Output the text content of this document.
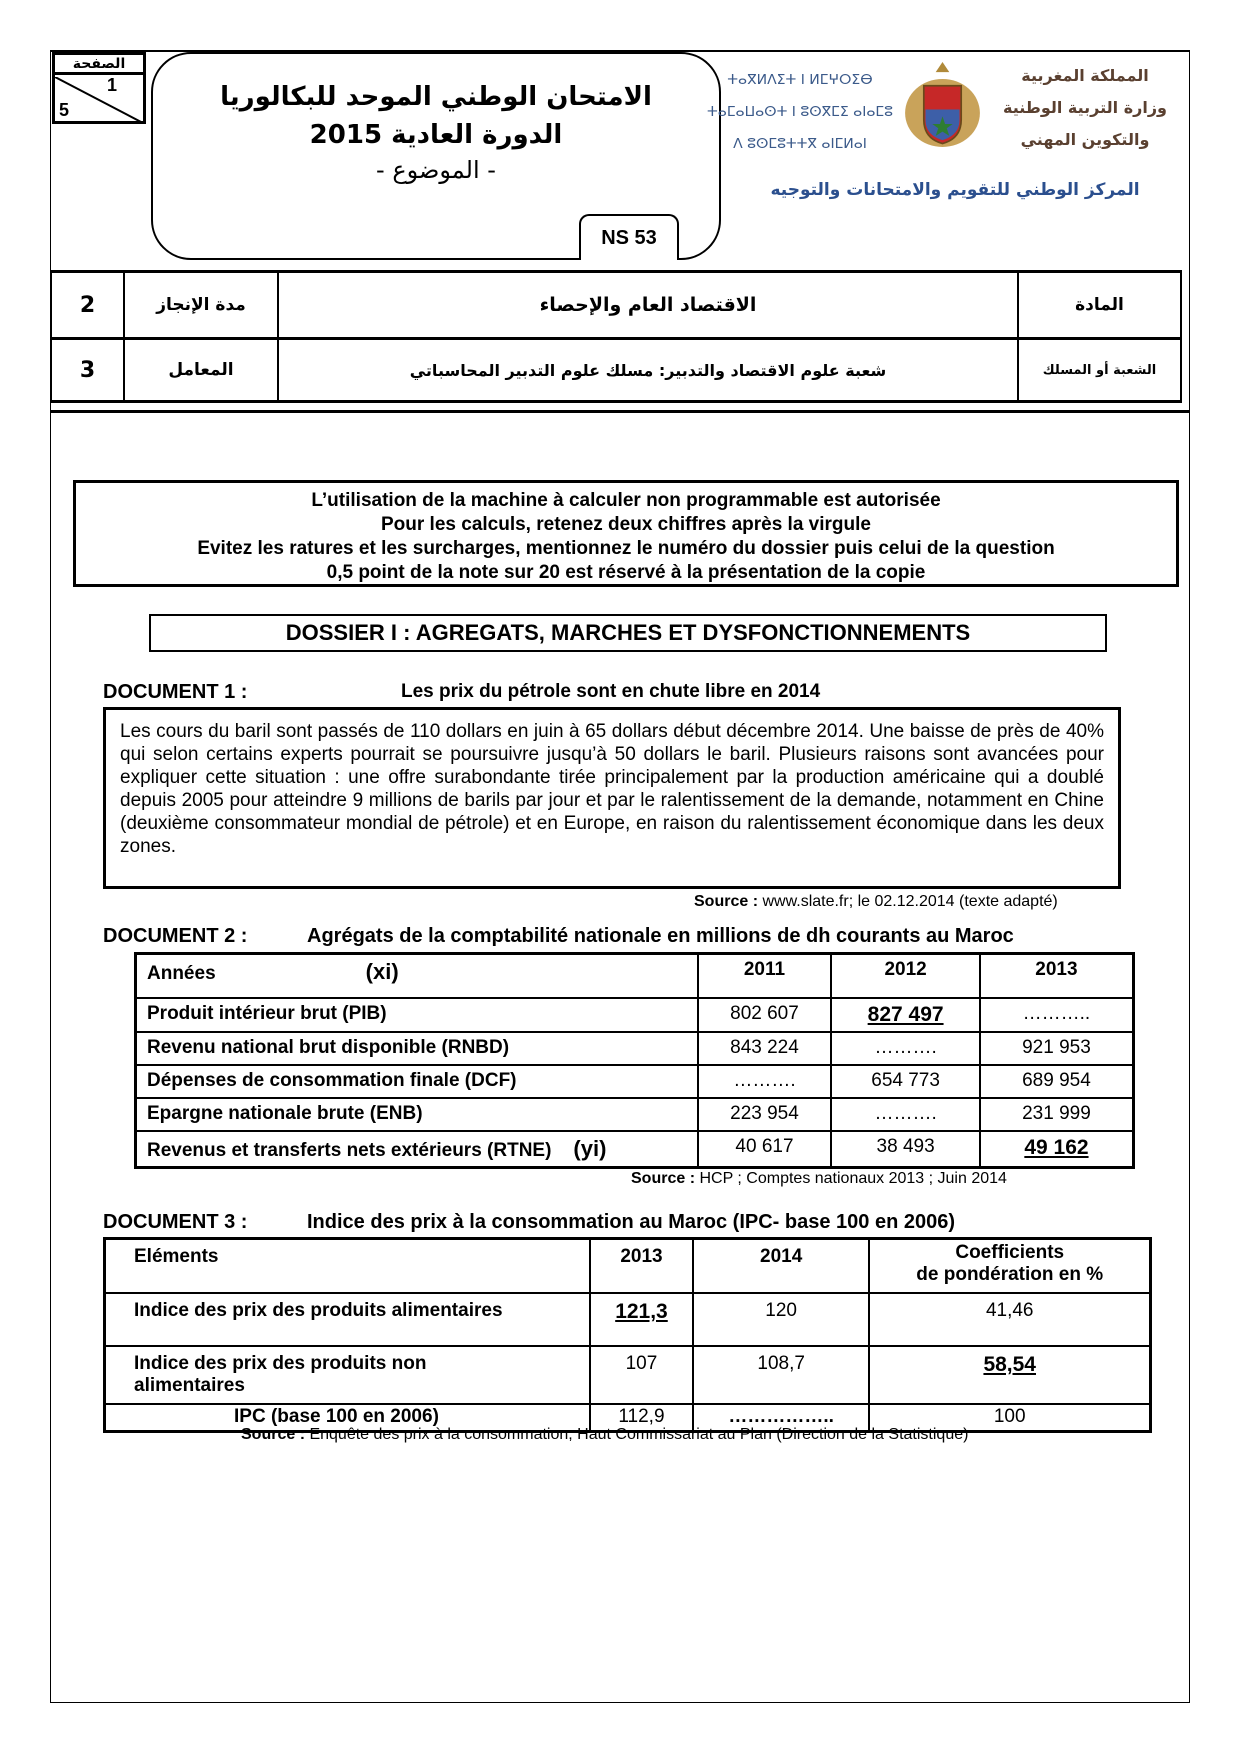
الصفحة
1
5	الامتحان الوطني الموحد للبكالوريا
الدورة العادية 2015
- الموضوع -
NS 53
ⵜⴰⴳⵍⴷⵉⵜ ⵏ ⵍⵎⵖⵔⵉⴱ
ⵜⴰⵎⴰⵡⴰⵙⵜ ⵏ ⵓⵙⴳⵎⵉ ⴰⵏⴰⵎⵓ
ⴷ ⵓⵙⵎⵓⵜⵜⴳ ⴰⵏⵎⵍⴰⵏ
المملكة المغربية
وزارة التربية الوطنية
والتكوين المهني
المركز الوطني للتقويم والامتحانات والتوجيه
2	مدة الإنجاز	الاقتصاد العام والإحصاء	المادة
3	المعامل	شعبة علوم الاقتصاد والتدبير: مسلك علوم التدبير المحاسباتي	الشعبة أو المسلك
L’utilisation de la machine à calculer non programmable est autorisée
Pour les calculs, retenez deux chiffres après la virgule
Evitez les ratures et les surcharges, mentionnez le numéro du dossier puis celui de la question
0,5 point de la note sur 20 est réservé à la présentation de la copie
DOSSIER I : AGREGATS, MARCHES ET DYSFONCTIONNEMENTS
DOCUMENT 1 :	Les prix du pétrole sont en chute libre en 2014

Les cours du baril sont passés de 110 dollars en juin à 65 dollars début décembre 2014. Une baisse de près de 40% qui selon certains experts pourrait se poursuivre jusqu’à 50 dollars le baril. Plusieurs raisons sont avancées pour expliquer cette situation : une offre surabondante tirée principalement par la production américaine qui a doublé depuis 2005 pour atteindre 9 millions de barils par jour et par le ralentissement de la demande, notamment en Chine (deuxième consommateur mondial de pétrole) et en Europe, en raison du ralentissement économique dans les deux zones.

Source : www.slate.fr; le 02.12.2014 (texte adapté)
DOCUMENT 2 :	Agrégats de la comptabilité nationale en millions de dh courants au Maroc
Années (xi)	2011	2012	2013
Produit intérieur brut (PIB)	802 607	827 497	………..
Revenu national brut disponible (RNBD)	843 224	……….	921 953
Dépenses de consommation finale (DCF)	……….	654 773	689 954
Epargne nationale brute (ENB)	223 954	……….	231 999
Revenus et transferts nets extérieurs (RTNE) (yi)	40 617	38 493	49 162
Source : HCP ; Comptes nationaux 2013 ; Juin 2014
DOCUMENT 3 :	Indice des prix à la consommation au Maroc (IPC- base 100 en 2006)
Eléments	2013	2014	Coefficients
de pondération en %

Indice des prix des produits alimentaires	121,3	120	41,46
Indice des prix des produits non alimentaires	107	108,7	58,54
IPC (base 100 en 2006)	112,9	……………..	100
Source : Enquête des prix à la consommation, Haut Commissariat au Plan (Direction de la Statistique)
